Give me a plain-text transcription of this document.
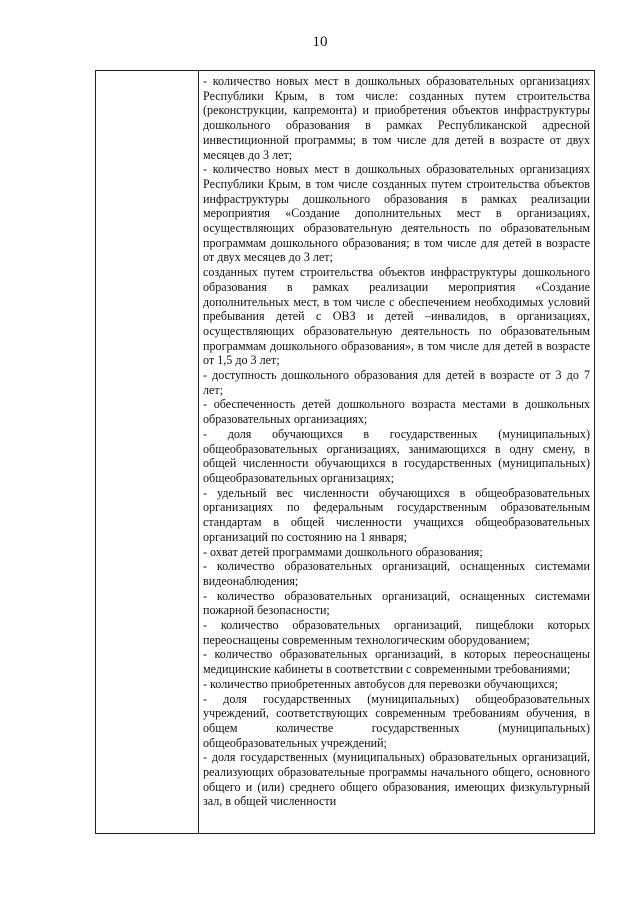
10

- количество новых мест в дошкольных образовательных организациях Республики Крым, в том числе: созданных путем строительства (реконструкции, капремонта) и приобретения объектов инфраструктуры дошкольного образования в рамках Республиканской адресной инвестиционной программы; в том числе для детей в возрасте от двух месяцев до 3 лет;

- количество новых мест в дошкольных образовательных организациях Республики Крым, в том числе созданных путем строительства объектов инфраструктуры дошкольного образования в рамках реализации мероприятия «Создание дополнительных мест в организациях, осуществляющих образовательную деятельность по образовательным программам дошкольного образования; в том числе для детей в возрасте от двух месяцев до 3 лет;

созданных путем строительства объектов инфраструктуры дошкольного образования в рамках реализации мероприятия «Создание дополнительных мест, в том числе с обеспечением необходимых условий пребывания детей с ОВЗ и детей –инвалидов, в организациях, осуществляющих образовательную деятельность по образовательным программам дошкольного образования», в том числе для детей в возрасте от 1,5 до 3 лет;

- доступность дошкольного образования для детей в возрасте от 3 до 7 лет;

- обеспеченность детей дошкольного возраста местами в дошкольных образовательных организациях;

- доля обучающихся в государственных (муниципальных) общеобразовательных организациях, занимающихся в одну смену, в общей численности обучающихся в государственных (муниципальных) общеобразовательных организациях;

- удельный вес численности обучающихся в общеобразовательных организациях по федеральным государственным образовательным стандартам в общей численности учащихся общеобразовательных организаций по состоянию на 1 января;

- охват детей программами дошкольного образования;

- количество образовательных организаций, оснащенных системами видеонаблюдения;

- количество образовательных организаций, оснащенных системами пожарной безопасности;

- количество образовательных организаций, пищеблоки которых переоснащены современным технологическим оборудованием;

- количество образовательных организаций, в которых переоснащены медицинские кабинеты в соответствии с современными требованиями;

- количество приобретенных автобусов для перевозки обучающихся;

- доля государственных (муниципальных) общеобразовательных учреждений, соответствующих современным требованиям обучения, в общем количестве государственных (муниципальных) общеобразовательных учреждений;

- доля государственных (муниципальных) образовательных организаций, реализующих образовательные программы начального общего, основного общего и (или) среднего общего образования, имеющих физкультурный зал, в общей численности
